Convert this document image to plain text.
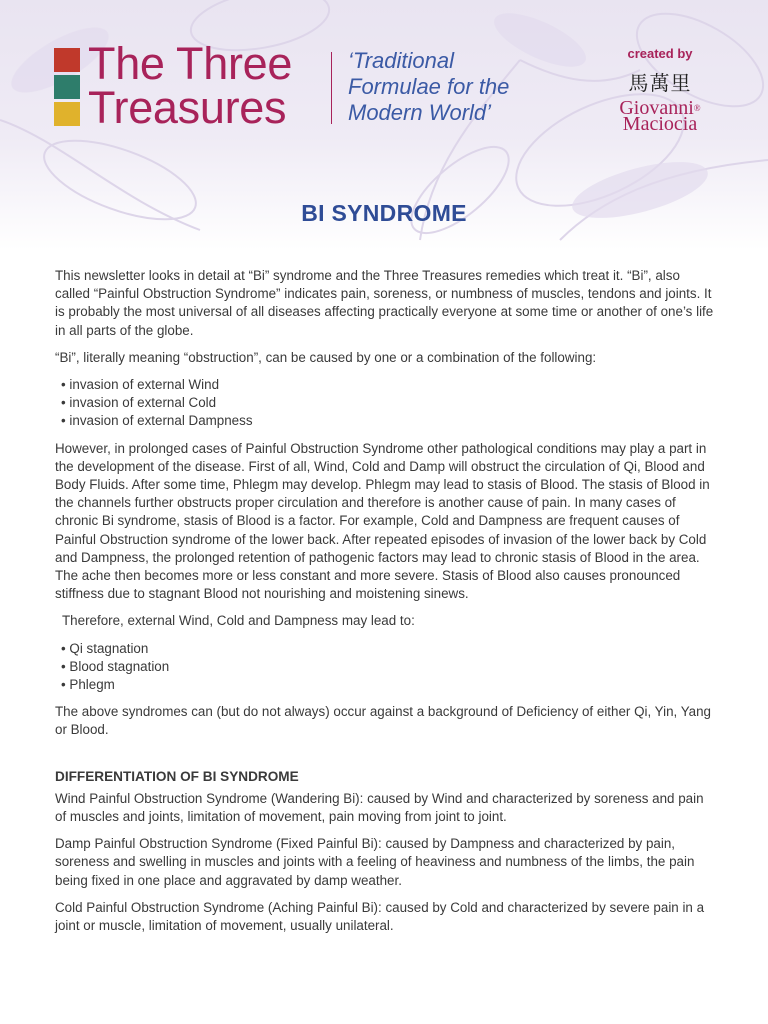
The Three
Treasures
‘Traditional
Formulae for the
Modern World’
created by
馬萬里
Giovanni®
Maciocia
BI SYNDROME

This newsletter looks in detail at “Bi” syndrome and the Three Treasures remedies which treat it. “Bi”, also called “Painful Obstruction Syndrome” indicates pain, soreness, or numbness of muscles, tendons and joints. It is probably the most universal of all diseases affecting practically everyone at some time or another of one’s life in all parts of the globe.

“Bi”, literally meaning “obstruction”, can be caused by one or a combination of the following:

• invasion of external Wind
• invasion of external Cold
• invasion of external Dampness

However, in prolonged cases of Painful Obstruction Syndrome other pathological conditions may play a part in the development of the disease. First of all, Wind, Cold and Damp will obstruct the circulation of Qi, Blood and Body Fluids. After some time, Phlegm may develop. Phlegm may lead to stasis of Blood. The stasis of Blood in the channels further obstructs proper circulation and therefore is another cause of pain. In many cases of chronic Bi syndrome, stasis of Blood is a factor. For example, Cold and Dampness are frequent causes of Painful Obstruction syndrome of the lower back. After repeated episodes of invasion of the lower back by Cold and Dampness, the prolonged retention of pathogenic factors may lead to chronic stasis of Blood in the area. The ache then becomes more or less constant and more severe. Stasis of Blood also causes pronounced stiffness due to stagnant Blood not nourishing and moistening sinews.

Therefore, external Wind, Cold and Dampness may lead to:

• Qi stagnation
• Blood stagnation
• Phlegm

The above syndromes can (but do not always) occur against a background of Deficiency of either Qi, Yin, Yang or Blood.

DIFFERENTIATION OF BI SYNDROME

Wind Painful Obstruction Syndrome (Wandering Bi): caused by Wind and characterized by soreness and pain of muscles and joints, limitation of movement, pain moving from joint to joint.

Damp Painful Obstruction Syndrome (Fixed Painful Bi): caused by Dampness and characterized by pain, soreness and swelling in muscles and joints with a feeling of heaviness and numbness of the limbs, the pain being fixed in one place and aggravated by damp weather.

Cold Painful Obstruction Syndrome (Aching Painful Bi): caused by Cold and characterized by severe pain in a joint or muscle, limitation of movement, usually unilateral.
